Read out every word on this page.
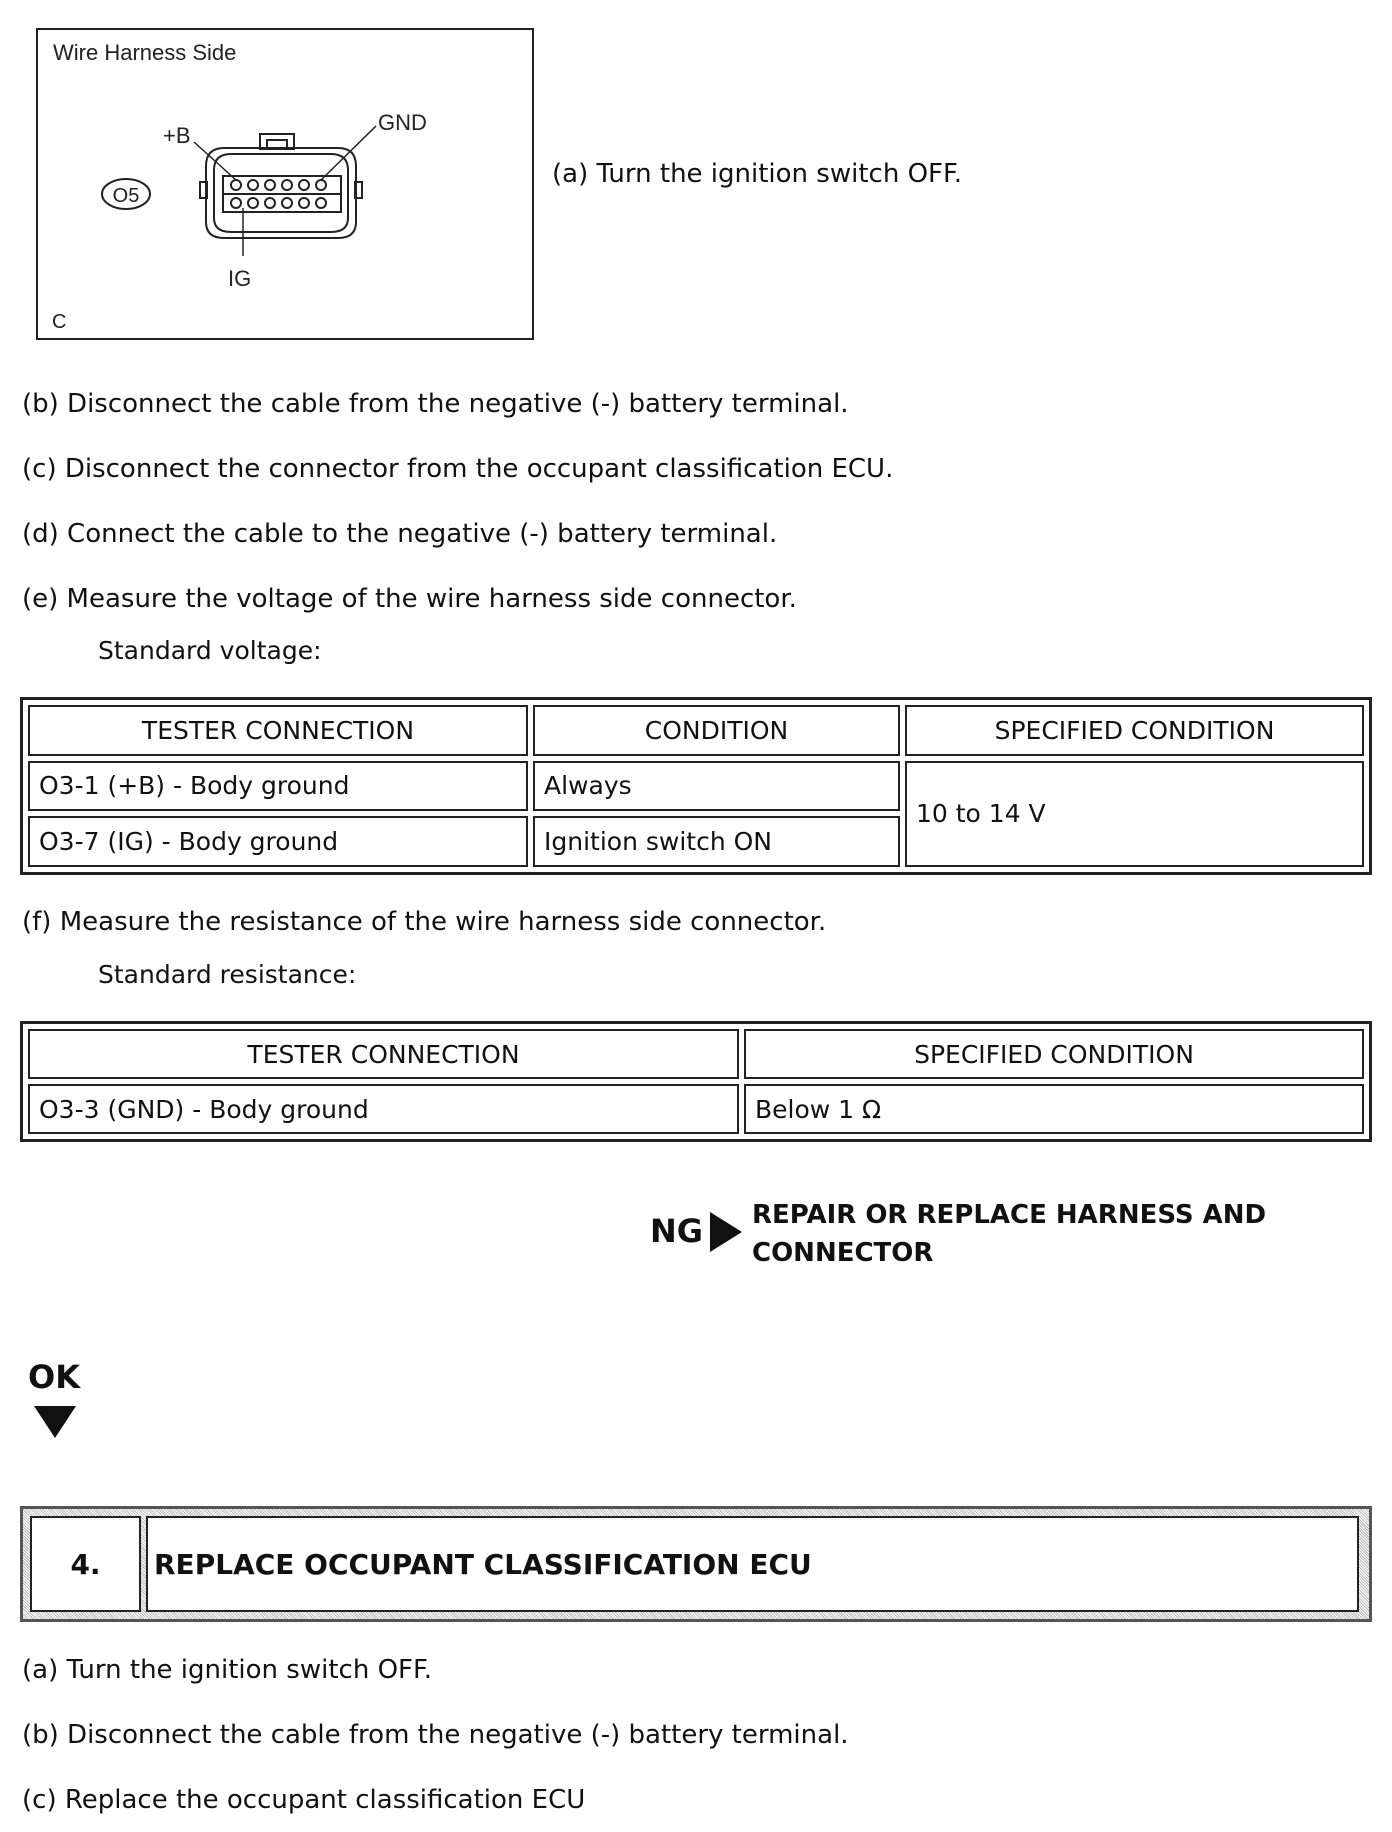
Wire Harness Side
+B
GND
IG
C
O5
(a) Turn the ignition switch OFF.
(b) Disconnect the cable from the negative (-) battery terminal.
(c) Disconnect the connector from the occupant classification ECU.
(d) Connect the cable to the negative (-) battery terminal.
(e) Measure the voltage of the wire harness side connector.
Standard voltage:
TESTER CONNECTION	CONDITION	SPECIFIED CONDITION
O3-1 (+B) - Body ground	Always	10 to 14 V
O3-7 (IG) - Body ground	Ignition switch ON	
(f) Measure the resistance of the wire harness side connector.
Standard resistance:
TESTER CONNECTION	SPECIFIED CONDITION
O3-3 (GND) - Body ground	Below 1 Ω
NG REPAIR OR REPLACE HARNESS AND CONNECTOR
OK
4.	REPLACE OCCUPANT CLASSIFICATION ECU
(a) Turn the ignition switch OFF.
(b) Disconnect the cable from the negative (-) battery terminal.
(c) Replace the occupant classification ECU
